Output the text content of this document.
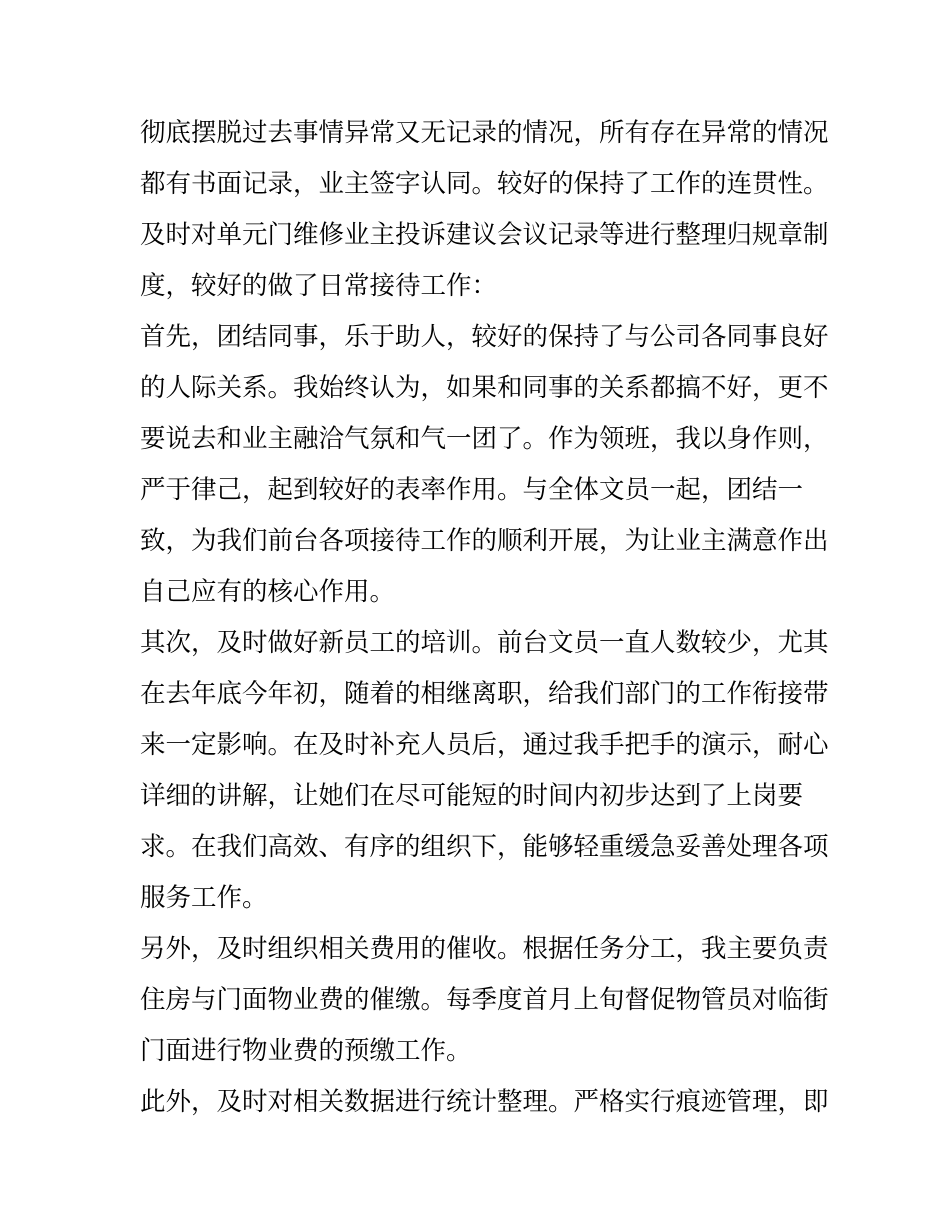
彻底摆脱过去事情异常又无记录的情况，所有存在异常的情况
都有书面记录，业主签字认同。较好的保持了工作的连贯性。
及时对单元门维修业主投诉建议会议记录等进行整理归规章制
度，较好的做了日常接待工作：
首先，团结同事，乐于助人，较好的保持了与公司各同事良好
的人际关系。我始终认为，如果和同事的关系都搞不好，更不
要说去和业主融洽气氛和气一团了。作为领班，我以身作则，
严于律己，起到较好的表率作用。与全体文员一起，团结一
致，为我们前台各项接待工作的顺利开展，为让业主满意作出
自己应有的核心作用。
其次，及时做好新员工的培训。前台文员一直人数较少，尤其
在去年底今年初，随着的相继离职，给我们部门的工作衔接带
来一定影响。在及时补充人员后，通过我手把手的演示，耐心
详细的讲解，让她们在尽可能短的时间内初步达到了上岗要
求。在我们高效、有序的组织下，能够轻重缓急妥善处理各项
服务工作。
另外，及时组织相关费用的催收。根据任务分工，我主要负责
住房与门面物业费的催缴。每季度首月上旬督促物管员对临街
门面进行物业费的预缴工作。
此外，及时对相关数据进行统计整理。严格实行痕迹管理，即
